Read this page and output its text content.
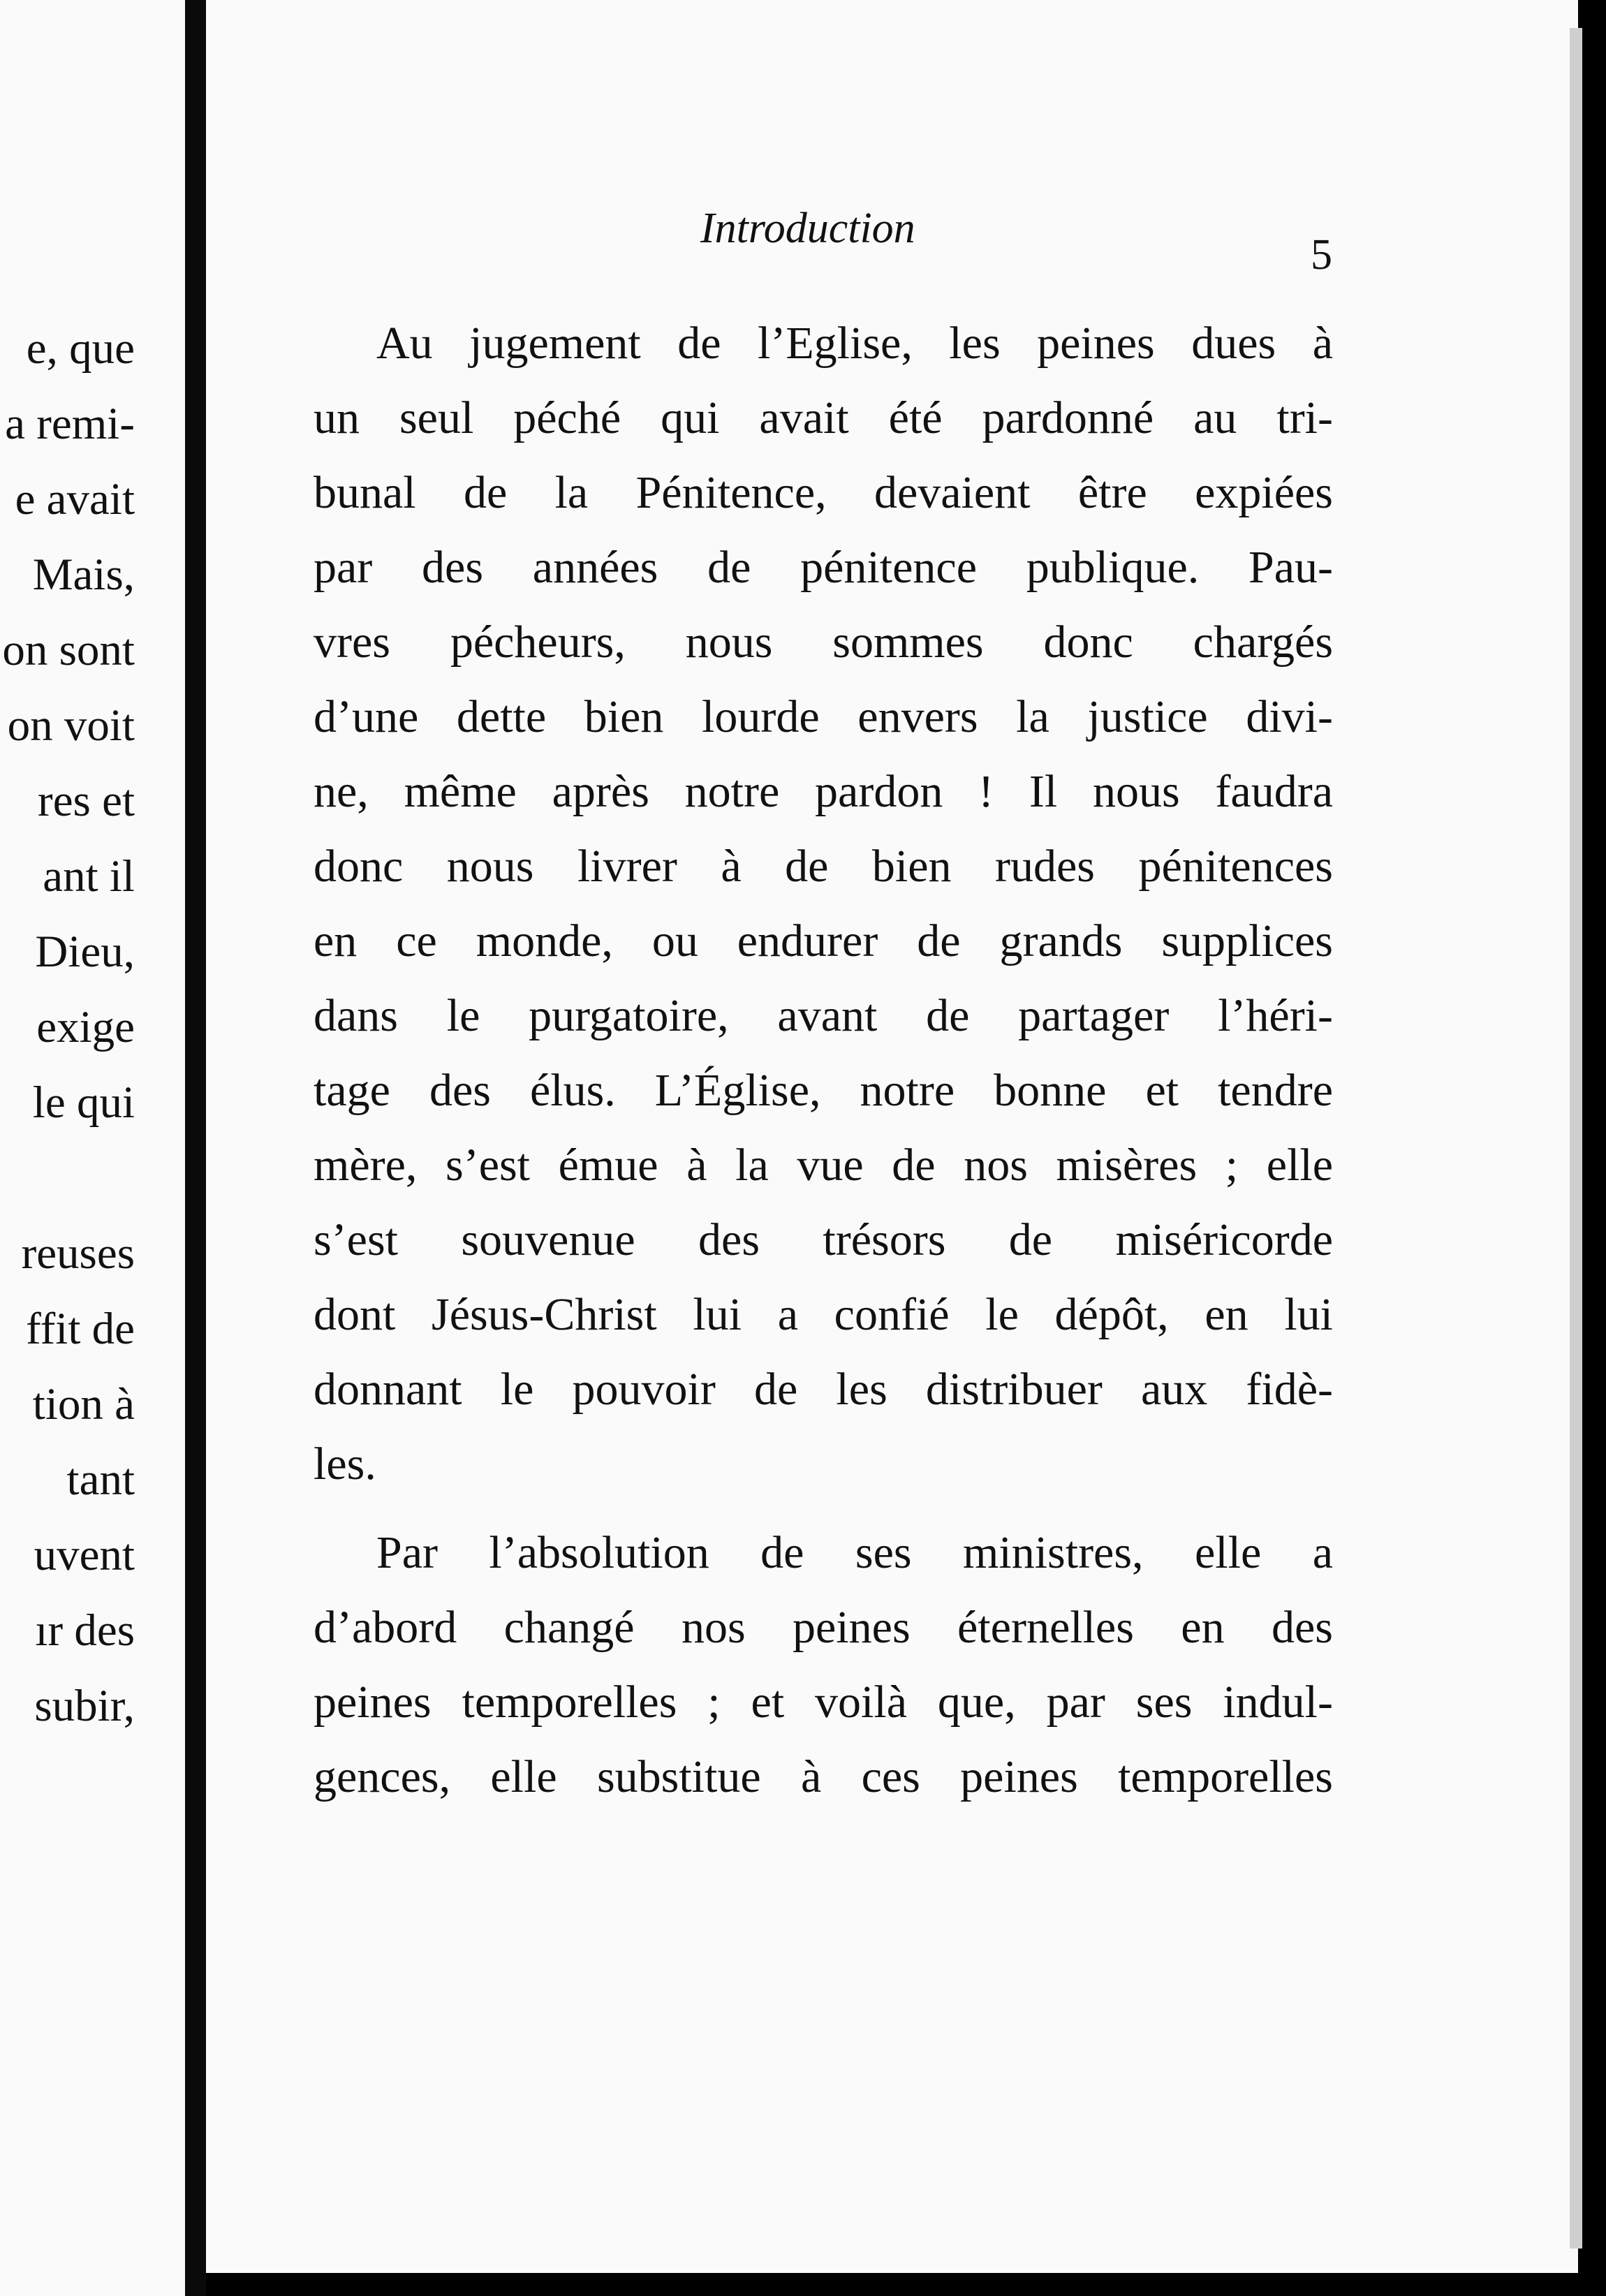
e, que
a remi-
e avait
Mais,
on sont
on voit
res et
ant il
Dieu,
exige
le qui
reuses
ffit de
tion à
tant
uvent
ır des
subir,
Introduction
5
Au jugement de l’Eglise, les peines dues à
un seul péché qui avait été pardonné au tri-
bunal de la Pénitence, devaient être expiées
par des années de pénitence publique. Pau-
vres pécheurs, nous sommes donc chargés
d’une dette bien lourde envers la justice divi-
ne, même après notre pardon ! Il nous faudra
donc nous livrer à de bien rudes pénitences
en ce monde, ou endurer de grands supplices
dans le purgatoire, avant de partager l’héri-
tage des élus. L’Église, notre bonne et tendre
mère, s’est émue à la vue de nos misères ; elle
s’est souvenue des trésors de miséricorde
dont Jésus-Christ lui a confié le dépôt, en lui
donnant le pouvoir de les distribuer aux fidè-
les.
Par l’absolution de ses ministres, elle a
d’abord changé nos peines éternelles en des
peines temporelles ; et voilà que, par ses indul-
gences, elle substitue à ces peines temporelles
